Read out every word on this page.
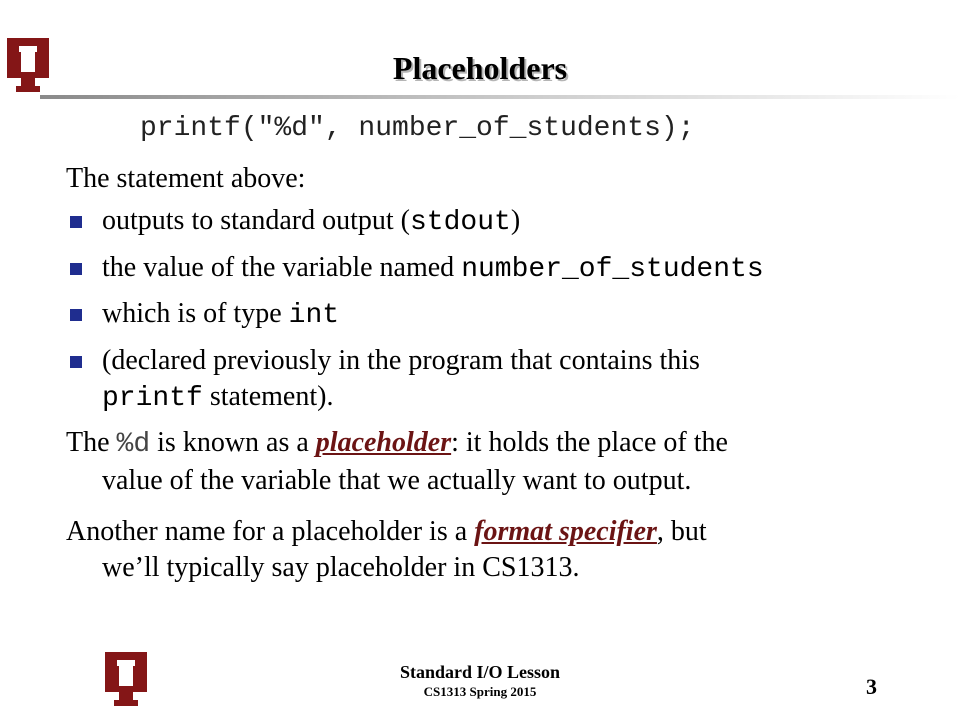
Placeholders
printf("%d", number_of_students);
The statement above:
outputs to standard output (stdout)
the value of the variable named number_of_students
which is of type int
(declared previously in the program that contains this
printf statement).
The %d is known as a placeholder: it holds the place of the
value of the variable that we actually want to output.
Another name for a placeholder is a format specifier, but
we’ll typically say placeholder in CS1313.
Standard I/O Lesson
CS1313 Spring 2015	3
